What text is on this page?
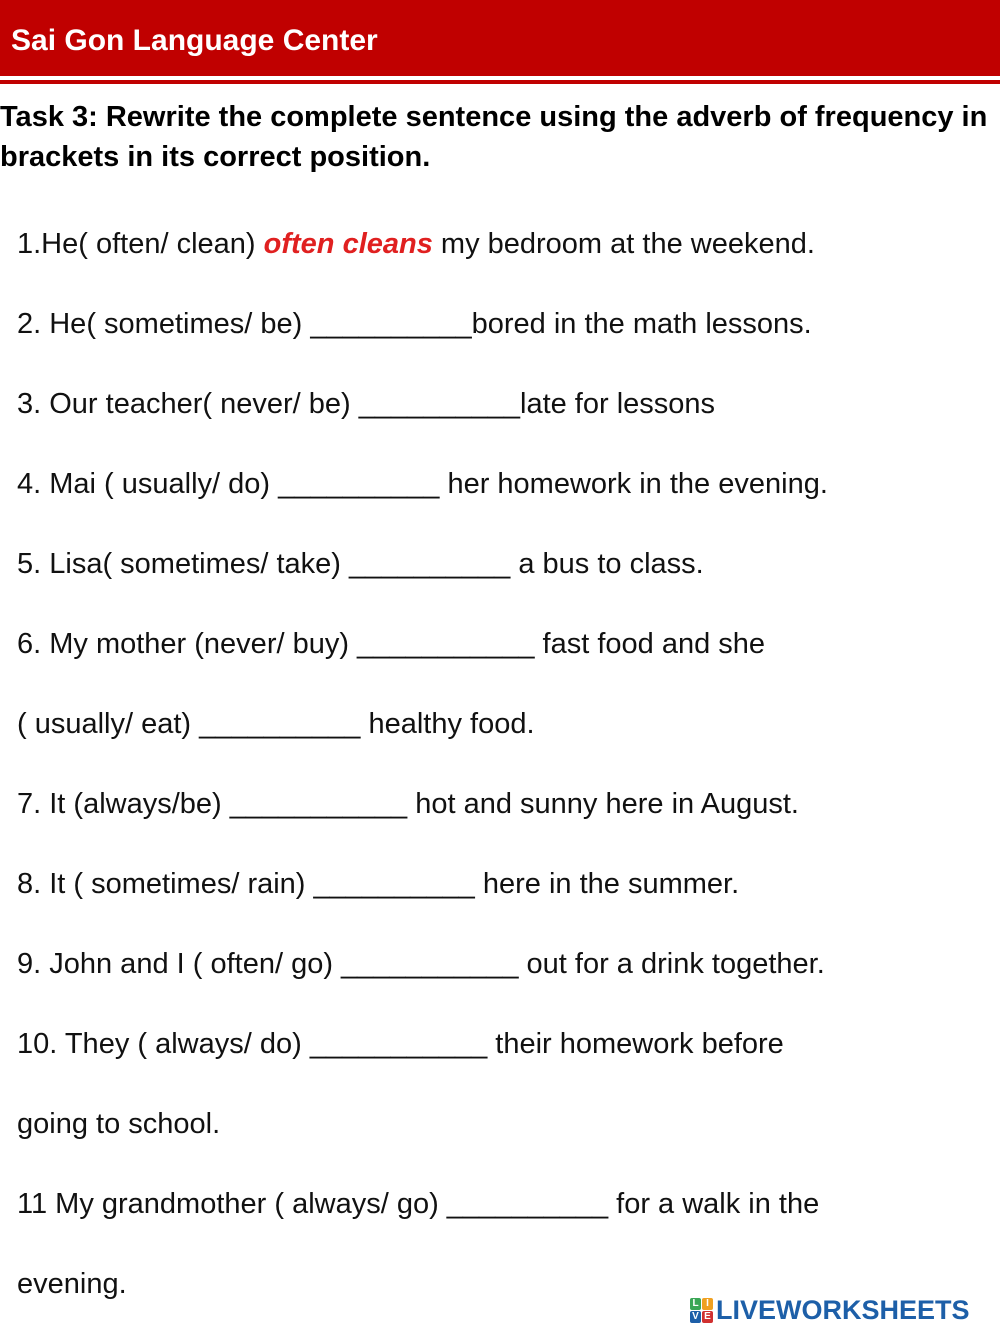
Sai Gon Language Center
Task 3: Rewrite the complete sentence using the adverb of frequency in brackets in its correct position.
1.He( often/ clean) often cleans my bedroom at the weekend.
2. He( sometimes/ be) __________bored in the math lessons.
3. Our teacher( never/ be) __________late for lessons
4. Mai ( usually/ do) __________ her homework in the evening.
5. Lisa( sometimes/ take) __________ a bus to class.
6. My mother (never/ buy) ___________ fast food and she
( usually/ eat) __________ healthy food.
7. It (always/be) ___________ hot and sunny here in August.
8. It ( sometimes/ rain) __________ here in the summer.
9. John and I ( often/ go) ___________ out for a drink together.
10. They ( always/ do) ___________ their homework before
going to school.
11 My grandmother ( always/ go) __________ for a walk in the
evening.
L I
V E LIVEWORKSHEETS
